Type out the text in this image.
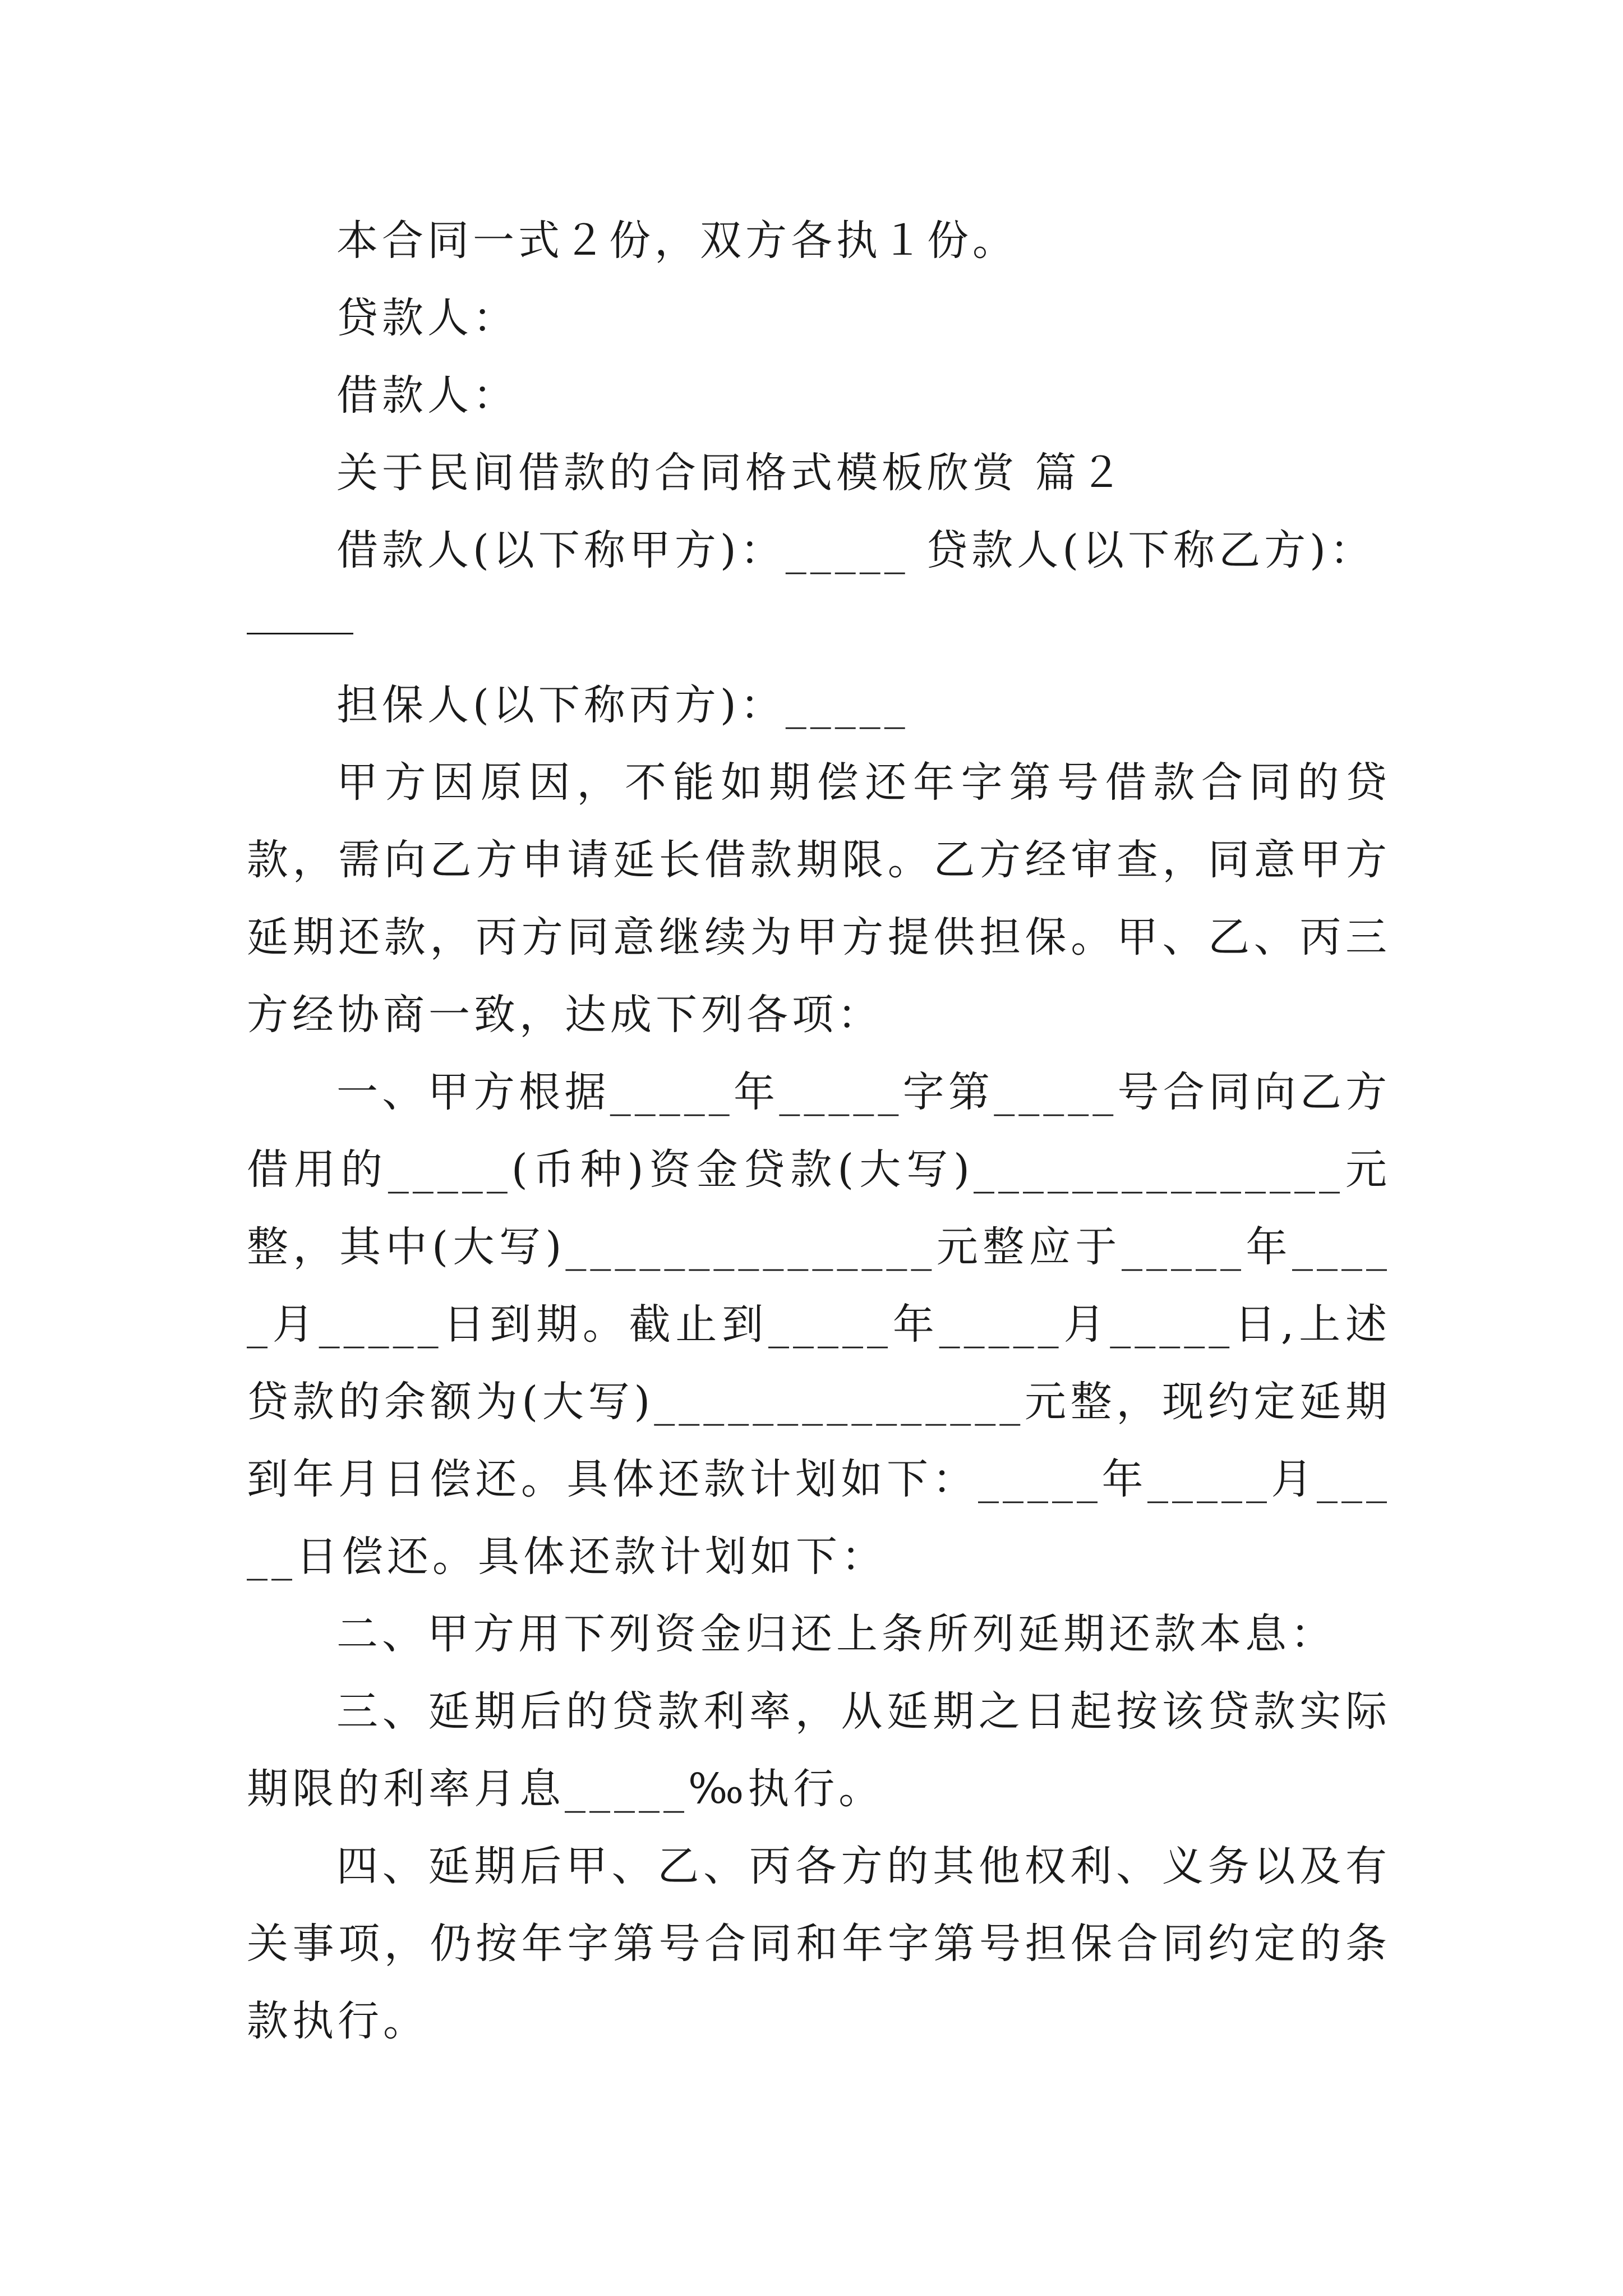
本合同一式２份，双方各执１份。

贷款人：

借款人：

关于民间借款的合同格式模板欣赏 篇２

借款人(以下称甲方)：_____ 贷款人(以下称乙方)：

担保人(以下称丙方)：_____

甲方因原因，不能如期偿还年字第号借款合同的贷款，需向乙方申请延长借款期限。乙方经审查，同意甲方延期还款，丙方同意继续为甲方提供担保。甲、乙、丙三方经协商一致，达成下列各项：

一、甲方根据_____年_____字第_____号合同向乙方借用的_____(币种)资金贷款(大写)_______________元整，其中(大写)_______________元整应于_____年_____月_____日到期。截止到_____年_____月_____日,上述贷款的余额为(大写)_______________元整，现约定延期到年月日偿还。具体还款计划如下：_____年_____月_____日偿还。具体还款计划如下：

二、甲方用下列资金归还上条所列延期还款本息：

三、延期后的贷款利率，从延期之日起按该贷款实际期限的利率月息_____‰执行。

四、延期后甲、乙、丙各方的其他权利、义务以及有关事项，仍按年字第号合同和年字第号担保合同约定的条款执行。
